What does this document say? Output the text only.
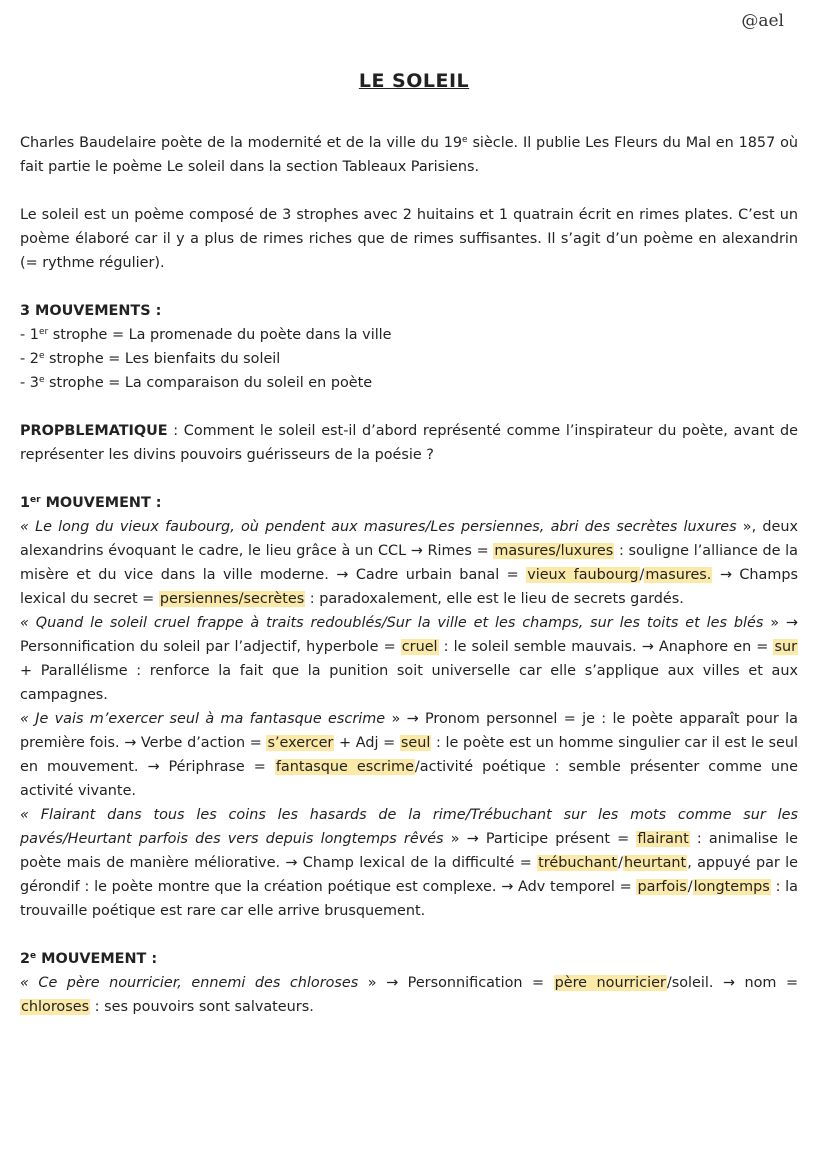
@ael
LE SOLEIL

Charles Baudelaire poète de la modernité et de la ville du 19e siècle. Il publie Les Fleurs du Mal en 1857 où fait partie le poème Le soleil dans la section Tableaux Parisiens.

Le soleil est un poème composé de 3 strophes avec 2 huitains et 1 quatrain écrit en rimes plates. C’est un poème élaboré car il y a plus de rimes riches que de rimes suffisantes. Il s’agit d’un poème en alexandrin (= rythme régulier).

3 MOUVEMENTS :

- 1er strophe = La promenade du poète dans la ville

- 2e strophe = Les bienfaits du soleil

- 3e strophe = La comparaison du soleil en poète

PROPBLEMATIQUE : Comment le soleil est-il d’abord représenté comme l’inspirateur du poète, avant de représenter les divins pouvoirs guérisseurs de la poésie ?

1er MOUVEMENT :

« Le long du vieux faubourg, où pendent aux masures/Les persiennes, abri des secrètes luxures », deux alexandrins évoquant le cadre, le lieu grâce à un CCL → Rimes = masures/luxures : souligne l’alliance de la misère et du vice dans la ville moderne. → Cadre urbain banal = vieux faubourg/masures. → Champs lexical du secret = persiennes/secrètes : paradoxalement, elle est le lieu de secrets gardés.

« Quand le soleil cruel frappe à traits redoublés/Sur la ville et les champs, sur les toits et les blés » → Personnification du soleil par l’adjectif, hyperbole = cruel : le soleil semble mauvais. → Anaphore en = sur + Parallélisme : renforce la fait que la punition soit universelle car elle s’applique aux villes et aux campagnes.

« Je vais m’exercer seul à ma fantasque escrime » → Pronom personnel = je : le poète apparaît pour la première fois. → Verbe d’action = s’exercer + Adj = seul : le poète est un homme singulier car il est le seul en mouvement. → Périphrase = fantasque escrime/activité poétique : semble présenter comme une activité vivante.

« Flairant dans tous les coins les hasards de la rime/Trébuchant sur les mots comme sur les pavés/Heurtant parfois des vers depuis longtemps rêvés » → Participe présent = flairant : animalise le poète mais de manière méliorative. → Champ lexical de la difficulté = trébuchant/heurtant, appuyé par le gérondif : le poète montre que la création poétique est complexe. → Adv temporel = parfois/longtemps : la trouvaille poétique est rare car elle arrive brusquement.

2e MOUVEMENT :

« Ce père nourricier, ennemi des chloroses » → Personnification = père nourricier/soleil. → nom = chloroses : ses pouvoirs sont salvateurs.
